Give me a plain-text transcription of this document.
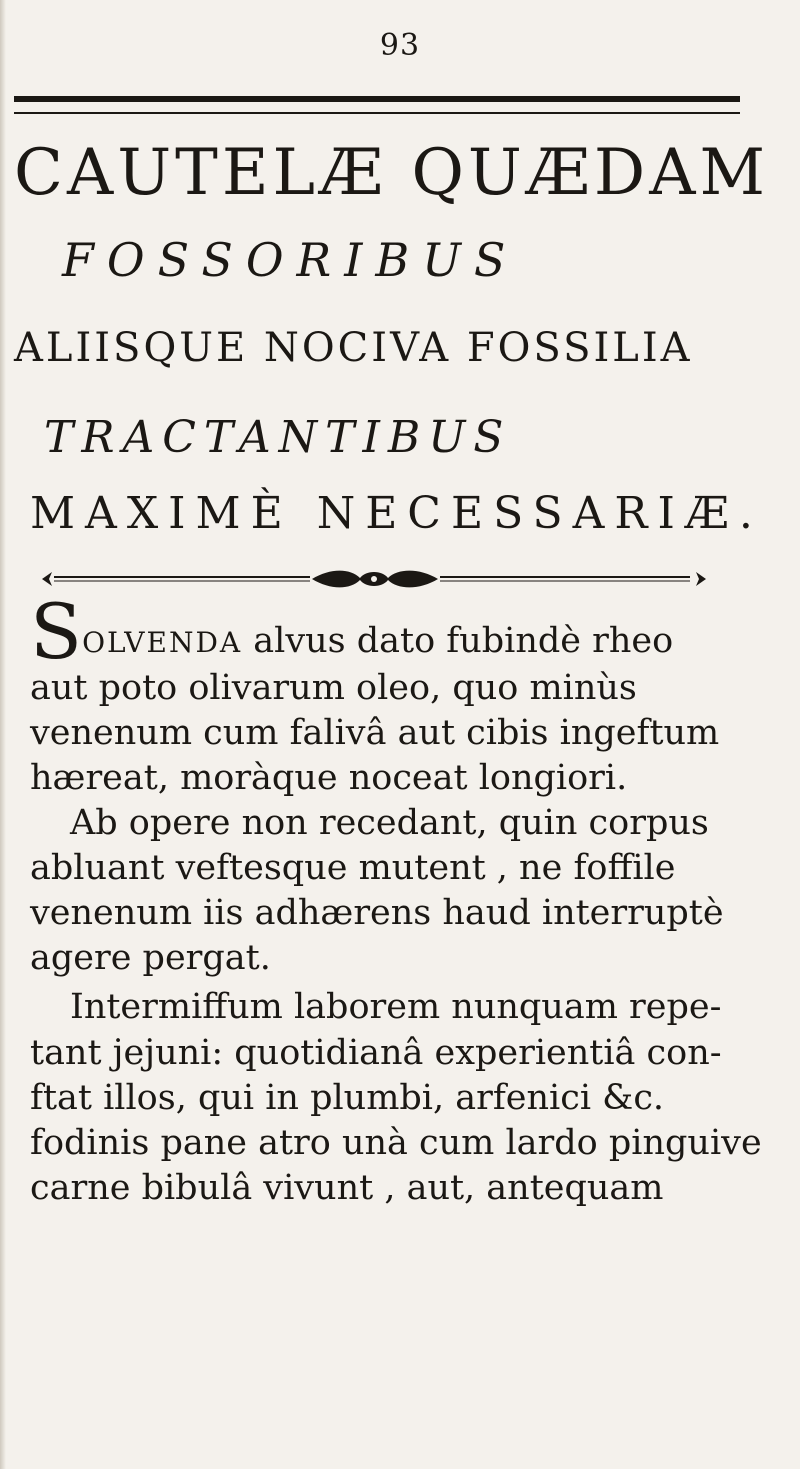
93
CAUTELÆ QUÆDAM
FOSSORIBUS
ALIISQUE NOCIVA FOSSILIA
TRACTANTIBUS
MAXIMÈ NECESSARIÆ.
SOLVENDA alvus dato fubindè rheo
aut poto olivarum oleo, quo minùs
venenum cum falivâ aut cibis ingeftum
hæreat, moràque noceat longiori.
Ab opere non recedant, quin corpus
abluant veftesque mutent , ne foffile
venenum iis adhærens haud interruptè
agere pergat.
Intermiffum laborem nunquam repe-
tant jejuni: quotidianâ experientiâ con-
ftat illos, qui in plumbi, arfenici &c.
fodinis pane atro unà cum lardo pinguive
carne bibulâ vivunt , aut, antequam
